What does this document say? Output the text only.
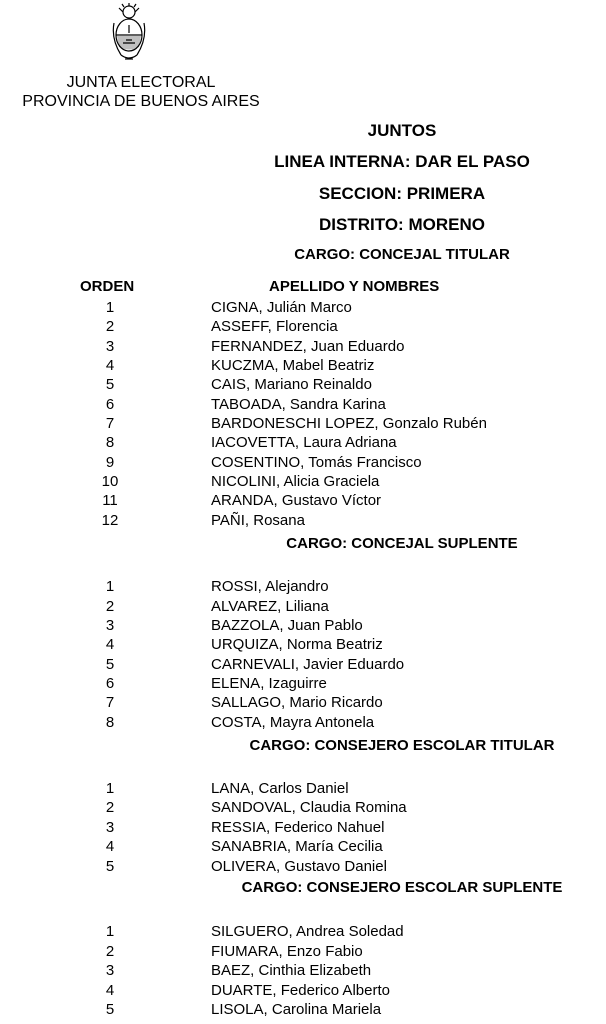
JUNTA ELECTORAL
PROVINCIA DE BUENOS AIRES
JUNTOS
LINEA INTERNA: DAR EL PASO
SECCION: PRIMERA
DISTRITO: MORENO
CARGO: CONCEJAL TITULAR
ORDEN	APELLIDO Y NOMBRES
1	CIGNA, Julián Marco
2	ASSEFF, Florencia
3	FERNANDEZ, Juan Eduardo
4	KUCZMA, Mabel Beatriz
5	CAIS, Mariano Reinaldo
6	TABOADA, Sandra Karina
7	BARDONESCHI LOPEZ, Gonzalo Rubén
8	IACOVETTA, Laura Adriana
9	COSENTINO, Tomás Francisco
10	NICOLINI, Alicia Graciela
11	ARANDA, Gustavo Víctor
12	PAÑI, Rosana
CARGO: CONCEJAL SUPLENTE
1	ROSSI, Alejandro
2	ALVAREZ, Liliana
3	BAZZOLA, Juan Pablo
4	URQUIZA, Norma Beatriz
5	CARNEVALI, Javier Eduardo
6	ELENA, Izaguirre
7	SALLAGO, Mario Ricardo
8	COSTA, Mayra Antonela
CARGO: CONSEJERO ESCOLAR TITULAR
1	LANA, Carlos Daniel
2	SANDOVAL, Claudia Romina
3	RESSIA, Federico Nahuel
4	SANABRIA, María Cecilia
5	OLIVERA, Gustavo Daniel
CARGO: CONSEJERO ESCOLAR SUPLENTE
1	SILGUERO, Andrea Soledad
2	FIUMARA, Enzo Fabio
3	BAEZ, Cinthia Elizabeth
4	DUARTE, Federico Alberto
5	LISOLA, Carolina Mariela
